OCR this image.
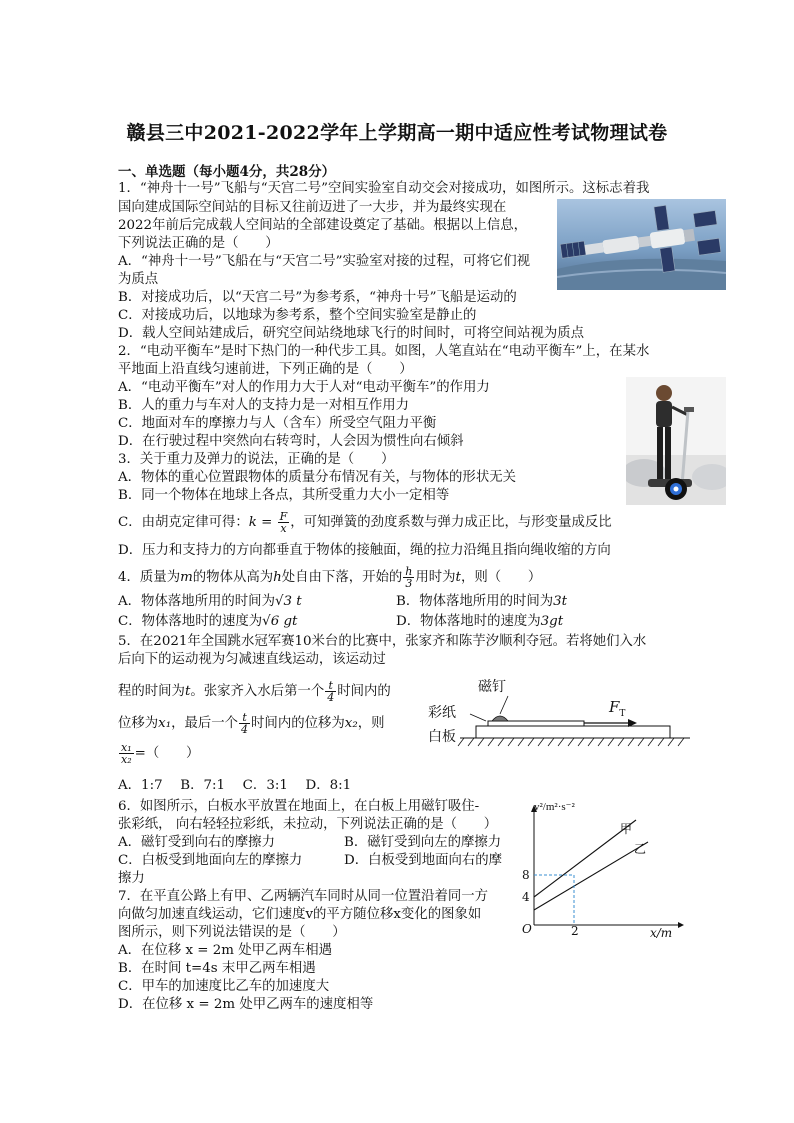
赣县三中2021-2022学年上学期高一期中适应性考试物理试卷
一、单选题（每小题4分，共28分）
1．“神舟十一号”飞船与“天宫二号”空间实验室自动交会对接成功，如图所示。这标志着我
国向建成国际空间站的目标又往前迈进了一大步，并为最终实现在
2022年前后完成载人空间站的全部建设奠定了基础。根据以上信息，
下列说法正确的是（　　）
A．“神舟十一号”飞船在与“天宫二号”实验室对接的过程，可将它们视
为质点
B．对接成功后，以“天宫二号”为参考系，“神舟十号”飞船是运动的
C．对接成功后，以地球为参考系，整个空间实验室是静止的
D．载人空间站建成后，研究空间站绕地球飞行的时间时，可将空间站视为质点
2．“电动平衡车”是时下热门的一种代步工具。如图，人笔直站在“电动平衡车”上，在某水
平地面上沿直线匀速前进，下列正确的是（　　）
A．“电动平衡车”对人的作用力大于人对“电动平衡车”的作用力
B．人的重力与车对人的支持力是一对相互作用力
C．地面对车的摩擦力与人（含车）所受空气阻力平衡
D．在行驶过程中突然向右转弯时，人会因为惯性向右倾斜
3．关于重力及弹力的说法，正确的是（　　）
A．物体的重心位置跟物体的质量分布情况有关，与物体的形状无关
B．同一个物体在地球上各点，其所受重力大小一定相等
C．由胡克定律可得：$k = \frac{F}{x}$ ，可知弹簧的劲度系数与弹力成正比，与形变量成反比
D．压力和支持力的方向都垂直于物体的接触面，绳的拉力沿绳且指向绳收缩的方向
4．质量为m的物体从高为h处自由下落，开始的 $\frac{h}{3}$ 用时为t，则（　　）
A．物体落地所用的时间为√3 t	B．物体落地所用的时间为3t
C．物体落地时的速度为√6 gt	D．物体落地时的速度为3gt
5．在2021年全国跳水冠军赛10米台的比赛中，张家齐和陈芋汐顺利夺冠。若将她们入水
后向下的运动视为匀减速直线运动，该运动过
程的时间为t。张家齐入水后第一个 $\frac{t}{4}$ 时间内的
位移为x₁，最后一个 $\frac{t}{4}$ 时间内的位移为x₂，则
$\frac{\text{x₁}}{\text{x₂}}$ =（　　）
A．1:7　 B．7:1　 C．3:1　 D．8:1
磁钉
彩纸
白板
$F_T$
6．如图所示，白板水平放置在地面上，在白板上用磁钉吸住-
张彩纸， 向右轻轻拉彩纸，未拉动，下列说法正确的是（　　）
A．磁钉受到向右的摩擦力	B．磁钉受到向左的摩擦力
C．白板受到地面向左的摩擦力	D．白板受到地面向右的摩
擦力
7．在平直公路上有甲、乙两辆汽车同时从同一位置沿着同一方
向做匀加速直线运动，它们速度v的平方随位移x变化的图象如
图所示，则下列说法错误的是（　　）
A．在位移 x = 2m 处甲乙两车相遇
B．在时间 t=4s 末甲乙两车相遇
C．甲车的加速度比乙车的加速度大
D．在位移 x = 2m 处甲乙两车的速度相等
v²/m²·s⁻²
x/m
O
8
4
2
甲
乙
